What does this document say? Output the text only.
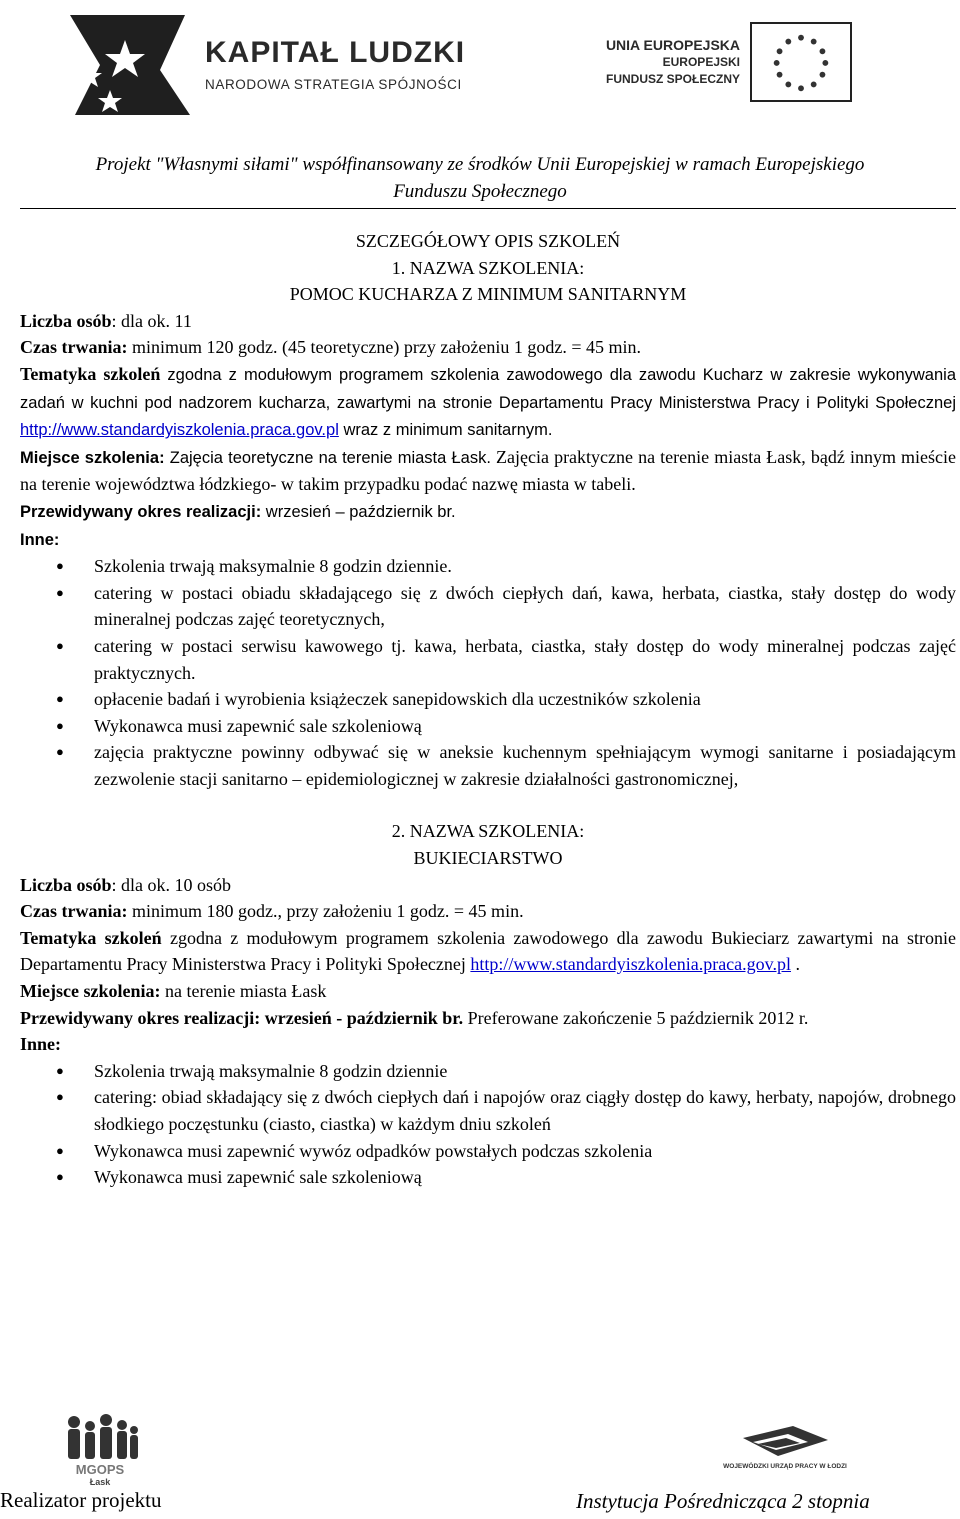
KAPITAŁ LUDZKI
NARODOWA STRATEGIA SPÓJNOŚCI
UNIA EUROPEJSKA
EUROPEJSKI
FUNDUSZ SPOŁECZNY
Projekt "Własnymi siłami" współfinansowany ze środków Unii Europejskiej w ramach Europejskiego
Funduszu Społecznego

SZCZEGÓŁOWY OPIS SZKOLEŃ

1. NAZWA SZKOLENIA:

POMOC KUCHARZA Z MINIMUM SANITARNYM

Liczba osób: dla ok. 11

Czas trwania: minimum 120 godz. (45 teoretyczne) przy założeniu 1 godz. = 45 min.

Tematyka szkoleń zgodna z modułowym programem szkolenia zawodowego dla zawodu Kucharz w zakresie wykonywania zadań w kuchni pod nadzorem kucharza, zawartymi na stronie Departamentu Pracy Ministerstwa Pracy i Polityki Społecznej http://www.standardyiszkolenia.praca.gov.pl wraz z minimum sanitarnym.

Miejsce szkolenia: Zajęcia teoretyczne na terenie miasta Łask. Zajęcia praktyczne na terenie miasta Łask, bądź innym mieście na terenie województwa łódzkiego- w takim przypadku podać nazwę miasta w tabeli.

Przewidywany okres realizacji: wrzesień – październik br.

Inne:

● Szkolenia trwają maksymalnie 8 godzin dziennie.
● catering w postaci obiadu składającego się z dwóch ciepłych dań, kawa, herbata, ciastka, stały dostęp do wody mineralnej podczas zajęć teoretycznych,
● catering w postaci serwisu kawowego tj. kawa, herbata, ciastka, stały dostęp do wody mineralnej podczas zajęć praktycznych.
● opłacenie badań i wyrobienia książeczek sanepidowskich dla uczestników szkolenia
● Wykonawca musi zapewnić sale szkoleniową
● zajęcia praktyczne powinny odbywać się w aneksie kuchennym spełniającym wymogi sanitarne i posiadającym zezwolenie stacji sanitarno – epidemiologicznej w zakresie działalności gastronomicznej,

2. NAZWA SZKOLENIA:

BUKIECIARSTWO

Liczba osób: dla ok. 10 osób

Czas trwania: minimum 180 godz., przy założeniu 1 godz. = 45 min.

Tematyka szkoleń zgodna z modułowym programem szkolenia zawodowego dla zawodu Bukieciarz zawartymi na stronie Departamentu Pracy Ministerstwa Pracy i Polityki Społecznej http://www.standardyiszkolenia.praca.gov.pl .

Miejsce szkolenia: na terenie miasta Łask

Przewidywany okres realizacji: wrzesień - październik br. Preferowane zakończenie 5 październik 2012 r.

Inne:

● Szkolenia trwają maksymalnie 8 godzin dziennie
● catering: obiad składający się z dwóch ciepłych dań i napojów oraz ciągły dostęp do kawy, herbaty, napojów, drobnego słodkiego poczęstunku (ciasto, ciastka) w każdym dniu szkoleń
● Wykonawca musi zapewnić wywóz odpadków powstałych podczas szkolenia
● Wykonawca musi zapewnić sale szkoleniową
MGOPS
Łask
WOJEWÓDZKI URZĄD PRACY W ŁODZI
Realizator projektu	Instytucja Pośrednicząca 2 stopnia
